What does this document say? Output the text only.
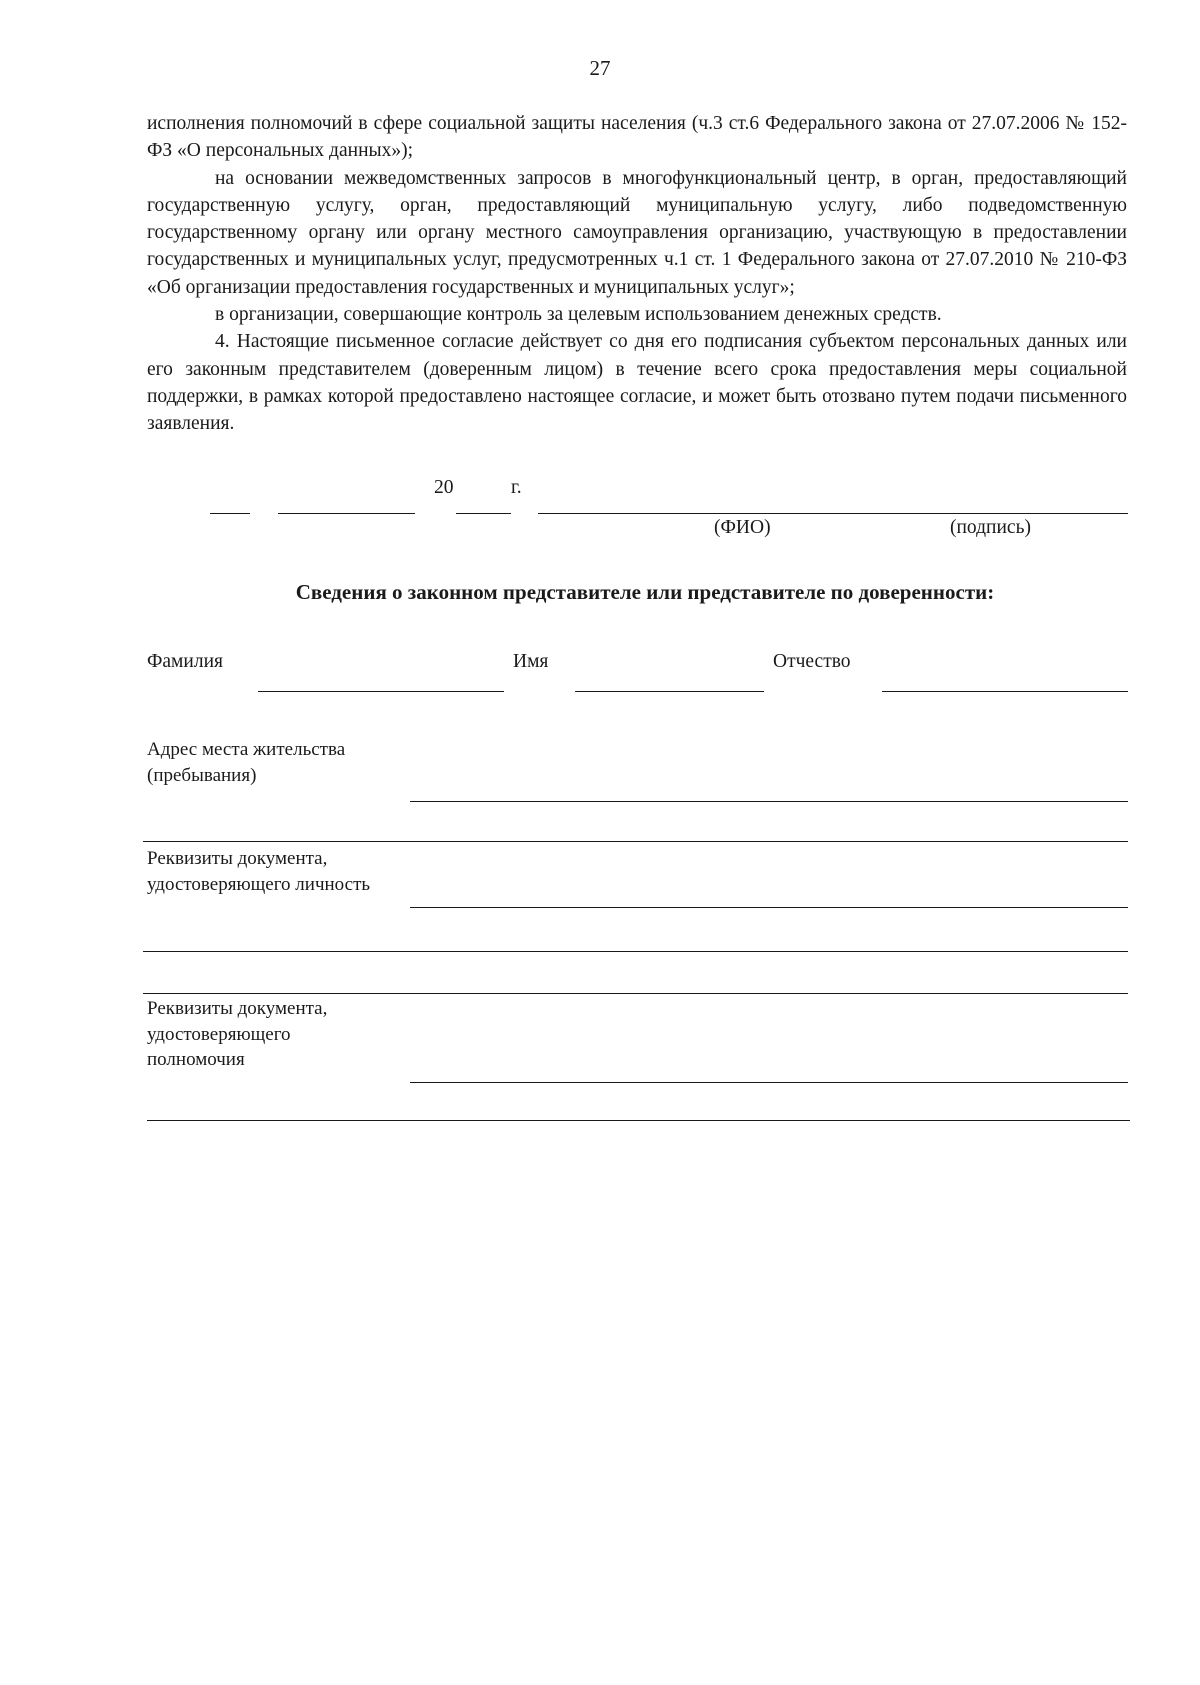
27

исполнения полномочий в сфере социальной защиты населения (ч.3 ст.6 Федерального закона от 27.07.2006 № 152-ФЗ «О персональных данных»);

на основании межведомственных запросов в многофункциональный центр, в орган, предоставляющий государственную услугу, орган, предоставляющий муниципальную услугу, либо подведомственную государственному органу или органу местного самоуправления организацию, участвующую в предоставлении государственных и муниципальных услуг, предусмотренных ч.1 ст. 1 Федерального закона от 27.07.2010 № 210-ФЗ «Об организации предоставления государственных и муниципальных услуг»;

в организации, совершающие контроль за целевым использованием денежных средств.

4. Настоящие письменное согласие действует со дня его подписания субъектом персональных данных или его законным представителем (доверенным лицом) в течение всего срока предоставления меры социальной поддержки, в рамках которой предоставлено настоящее согласие, и может быть отозвано путем подачи письменного заявления.

20	г.
(ФИО)	(подпись)
Сведения о законном представителе или представителе по доверенности:
Фамилия	Имя	Отчество
Адрес места жительства
(пребывания)
Реквизиты документа,
удостоверяющего личность
Реквизиты документа,
удостоверяющего
полномочия
